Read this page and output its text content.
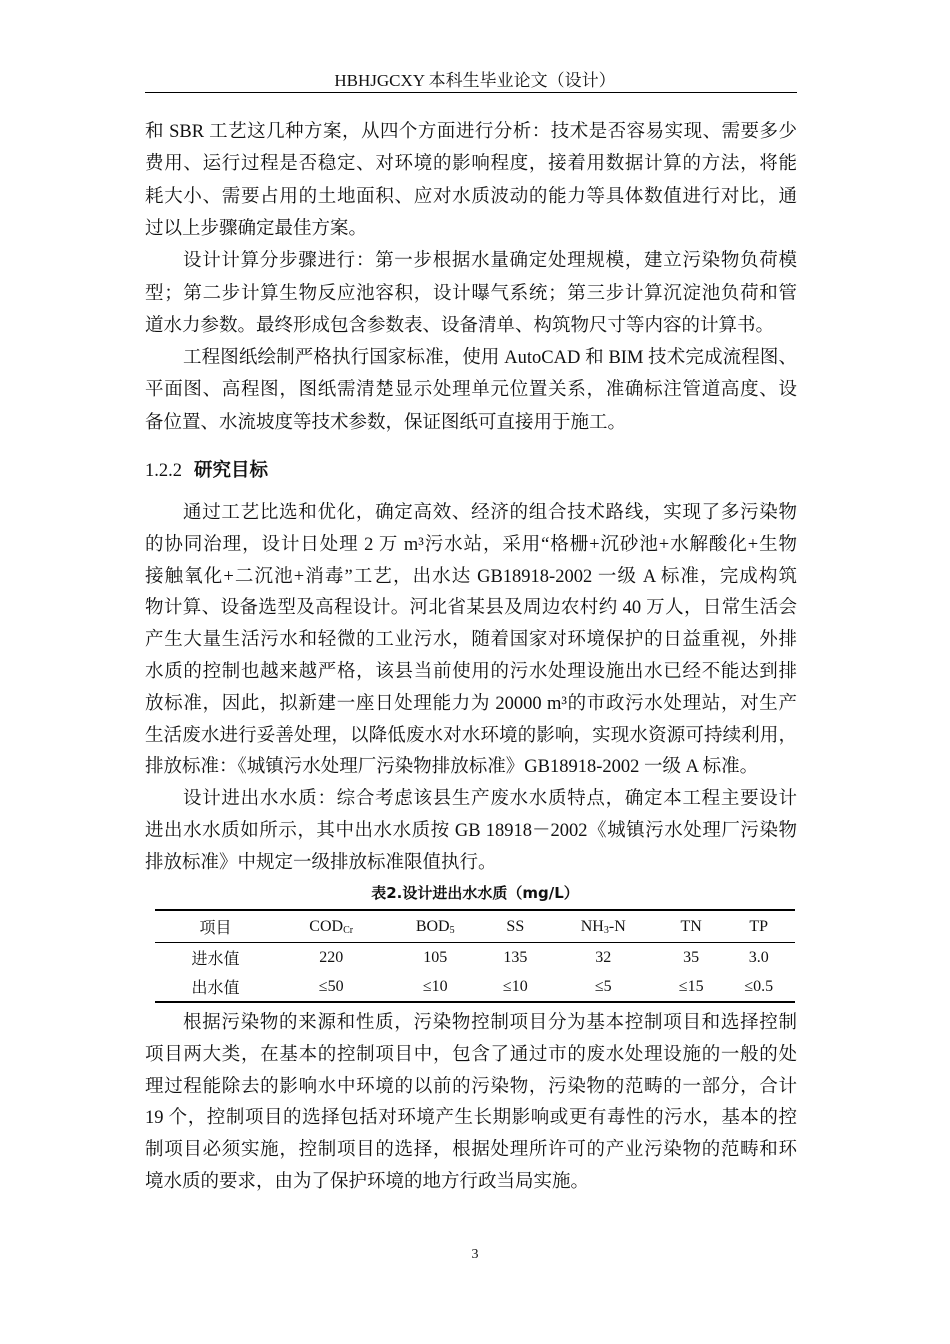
HBHJGCXY 本科生毕业论文（设计）
和 SBR 工艺这几种方案，从四个方面进行分析：技术是否容易实现、需要多少
费用、运行过程是否稳定、对环境的影响程度，接着用数据计算的方法，将能
耗大小、需要占用的土地面积、应对水质波动的能力等具体数值进行对比，通
过以上步骤确定最佳方案。
设计计算分步骤进行：第一步根据水量确定处理规模，建立污染物负荷模
型；第二步计算生物反应池容积，设计曝气系统；第三步计算沉淀池负荷和管
道水力参数。最终形成包含参数表、设备清单、构筑物尺寸等内容的计算书。
工程图纸绘制严格执行国家标准，使用 AutoCAD 和 BIM 技术完成流程图、
平面图、高程图，图纸需清楚显示处理单元位置关系，准确标注管道高度、设
备位置、水流坡度等技术参数，保证图纸可直接用于施工。
1.2.2 研究目标
通过工艺比选和优化，确定高效、经济的组合技术路线，实现了多污染物
的协同治理，设计日处理 2 万 m³污水站，采用“格栅+沉砂池+水解酸化+生物
接触氧化+二沉池+消毒”工艺，出水达 GB18918-2002 一级 A 标准，完成构筑
物计算、设备选型及高程设计。河北省某县及周边农村约 40 万人，日常生活会
产生大量生活污水和轻微的工业污水，随着国家对环境保护的日益重视，外排
水质的控制也越来越严格，该县当前使用的污水处理设施出水已经不能达到排
放标准，因此，拟新建一座日处理能力为 20000 m³的市政污水处理站，对生产
生活废水进行妥善处理，以降低废水对水环境的影响，实现水资源可持续利用，
排放标准：《城镇污水处理厂污染物排放标准》GB18918-2002 一级 A 标准。
设计进出水水质：综合考虑该县生产废水水质特点，确定本工程主要设计
进出水水质如所示，其中出水水质按 GB 18918－2002《城镇污水处理厂污染物
排放标准》中规定一级排放标准限值执行。
表2.设计进出水水质（mg/L）
项目	$COD_{Cr}$	$BOD_5$	SS	$NH_3-N$	TN	TP
进水值	220	105	135	32	35	3.0
出水值	≤50	≤10	≤10	≤5	≤15	≤0.5
根据污染物的来源和性质，污染物控制项目分为基本控制项目和选择控制
项目两大类，在基本的控制项目中，包含了通过市的废水处理设施的一般的处
理过程能除去的影响水中环境的以前的污染物，污染物的范畴的一部分，合计
19 个，控制项目的选择包括对环境产生长期影响或更有毒性的污水，基本的控
制项目必须实施，控制项目的选择，根据处理所许可的产业污染物的范畴和环
境水质的要求，由为了保护环境的地方行政当局实施。
3
